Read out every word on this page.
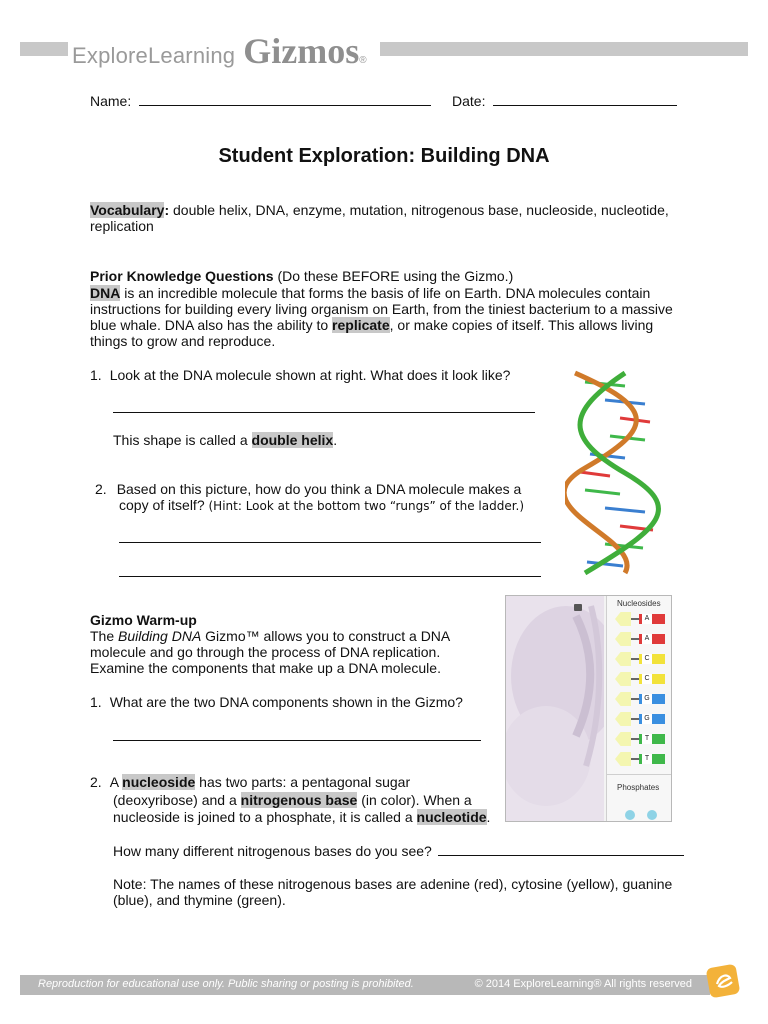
ExploreLearning Gizmos ®
Name:	Date:
Student Exploration: Building DNA
Vocabulary: double helix, DNA, enzyme, mutation, nitrogenous base, nucleoside, nucleotide,
replication
Prior Knowledge Questions (Do these BEFORE using the Gizmo.)
DNA is an incredible molecule that forms the basis of life on Earth. DNA molecules contain
instructions for building every living organism on Earth, from the tiniest bacterium to a massive
blue whale. DNA also has the ability to replicate, or make copies of itself. This allows living
things to grow and reproduce.
1. Look at the DNA molecule shown at right. What does it look like?
This shape is called a double helix.
2. Based on this picture, how do you think a DNA molecule makes a
copy of itself? (Hint: Look at the bottom two “rungs” of the ladder.)
Gizmo Warm-up
The Building DNA Gizmo™ allows you to construct a DNA
molecule and go through the process of DNA replication.
Examine the components that make up a DNA molecule.
1. What are the two DNA components shown in the Gizmo?
2. A nucleoside has two parts: a pentagonal sugar
(deoxyribose) and a nitrogenous base (in color). When a
nucleoside is joined to a phosphate, it is called a nucleotide.
How many different nitrogenous bases do you see?
Note: The names of these nitrogenous bases are adenine (red), cytosine (yellow), guanine
(blue), and thymine (green).
Nucleosides
A
A
C
C
G
G
T
T
Phosphates
Reproduction for educational use only. Public sharing or posting is prohibited.	© 2014 ExploreLearning® All rights reserved
